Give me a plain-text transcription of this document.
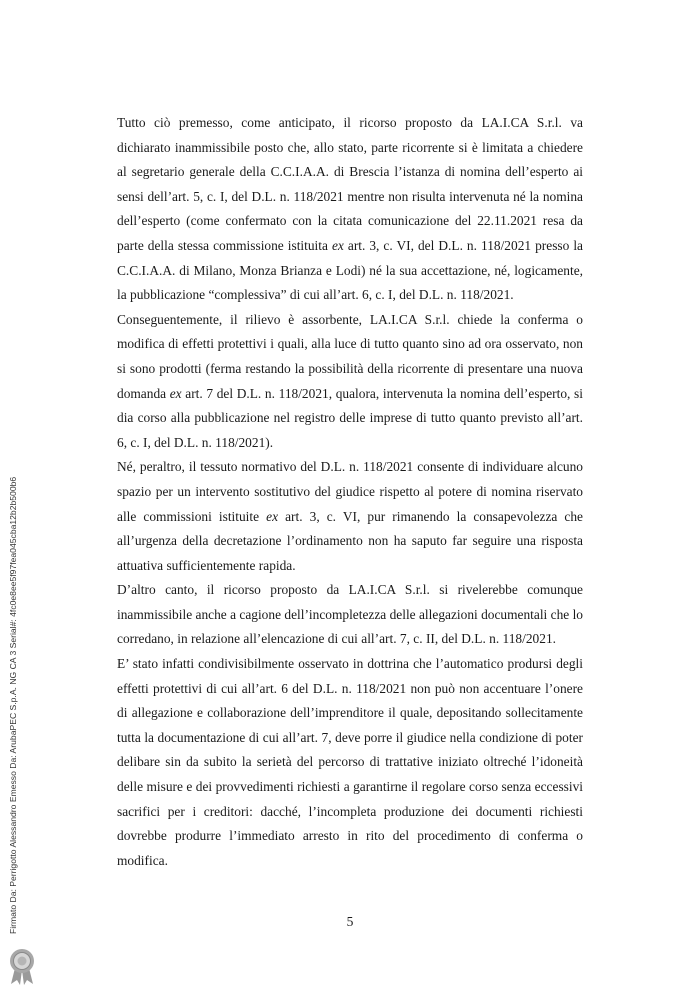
Tutto ciò premesso, come anticipato, il ricorso proposto da LA.I.CA S.r.l. va dichiarato inammissibile posto che, allo stato, parte ricorrente si è limitata a chiedere al segretario generale della C.C.I.A.A. di Brescia l’istanza di nomina dell’esperto ai sensi dell’art. 5, c. I, del D.L. n. 118/2021 mentre non risulta intervenuta né la nomina dell’esperto (come confermato con la citata comunicazione del 22.11.2021 resa da parte della stessa commissione istituita ex art. 3, c. VI, del D.L. n. 118/2021 presso la C.C.I.A.A. di Milano, Monza Brianza e Lodi) né la sua accettazione, né, logicamente, la pubblicazione “complessiva” di cui all’art. 6, c. I, del D.L. n. 118/2021.

Conseguentemente, il rilievo è assorbente, LA.I.CA S.r.l. chiede la conferma o modifica di effetti protettivi i quali, alla luce di tutto quanto sino ad ora osservato, non si sono prodotti (ferma restando la possibilità della ricorrente di presentare una nuova domanda ex art. 7 del D.L. n. 118/2021, qualora, intervenuta la nomina dell’esperto, si dia corso alla pubblicazione nel registro delle imprese di tutto quanto previsto all’art. 6, c. I, del D.L. n. 118/2021).

Né, peraltro, il tessuto normativo del D.L. n. 118/2021 consente di individuare alcuno spazio per un intervento sostitutivo del giudice rispetto al potere di nomina riservato alle commissioni istituite ex art. 3, c. VI, pur rimanendo la consapevolezza che all’urgenza della decretazione l’ordinamento non ha saputo far seguire una risposta attuativa sufficientemente rapida.

D’altro canto, il ricorso proposto da LA.I.CA S.r.l. si rivelerebbe comunque inammissibile anche a cagione dell’incompletezza delle allegazioni documentali che lo corredano, in relazione all’elencazione di cui all’art. 7, c. II, del D.L. n. 118/2021.

E’ stato infatti condivisibilmente osservato in dottrina che l’automatico prodursi degli effetti protettivi di cui all’art. 6 del D.L. n. 118/2021 non può non accentuare l’onere di allegazione e collaborazione dell’imprenditore il quale, depositando sollecitamente tutta la documentazione di cui all’art. 7, deve porre il giudice nella condizione di poter delibare sin da subito la serietà del percorso di trattative iniziato oltreché l’idoneità delle misure e dei provvedimenti richiesti a garantirne il regolare corso senza eccessivi sacrifici per i creditori: dacché, l’incompleta produzione dei documenti richiesti dovrebbe produrre l’immediato arresto in rito del procedimento di conferma o modifica.

5
Firmato Da: Perrigotto Alessandro Emesso Da: ArubaPEC S.p.A. NG CA 3 Serial#: 4fc0e8ee5f97fea045cba12b2b500b6
